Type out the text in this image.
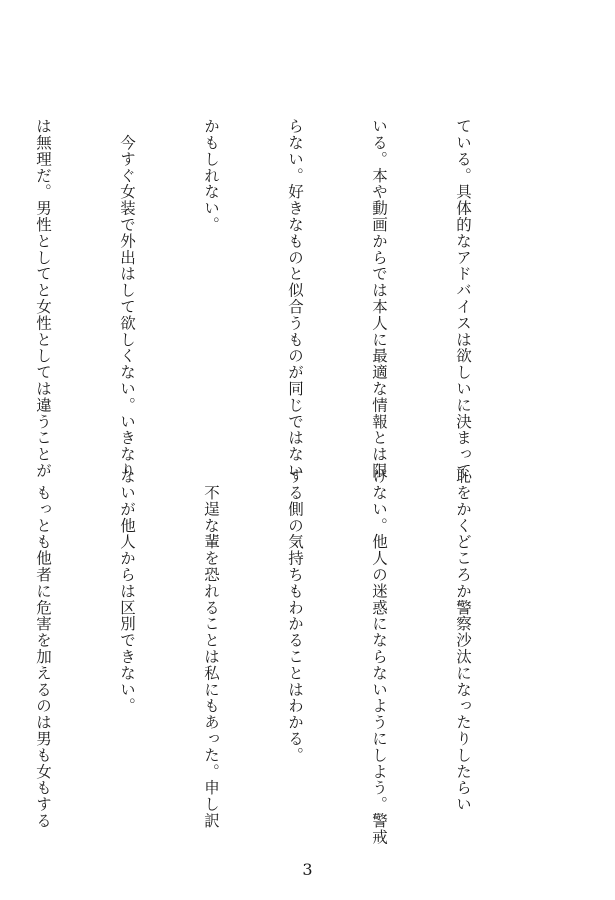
ている。具体的なアドバイスは欲しいに決まって

いる。本や動画からでは本人に最適な情報とは限

らない。好きなものと似合うものが同じではない

かもしれない。

　今すぐ女装で外出はして欲しくない。いきなり

は無理だ。男性としてと女性としては違うことが

恥をかくどころか警察沙汰になったりしたらい

けない。他人の迷惑にならないようにしよう。警戒

する側の気持ちもわかることはわかる。

　不逞な輩を恐れることは私にもあった。申し訳

ないが他人からは区別できない。

　もっとも他者に危害を加えるのは男も女もする

3
